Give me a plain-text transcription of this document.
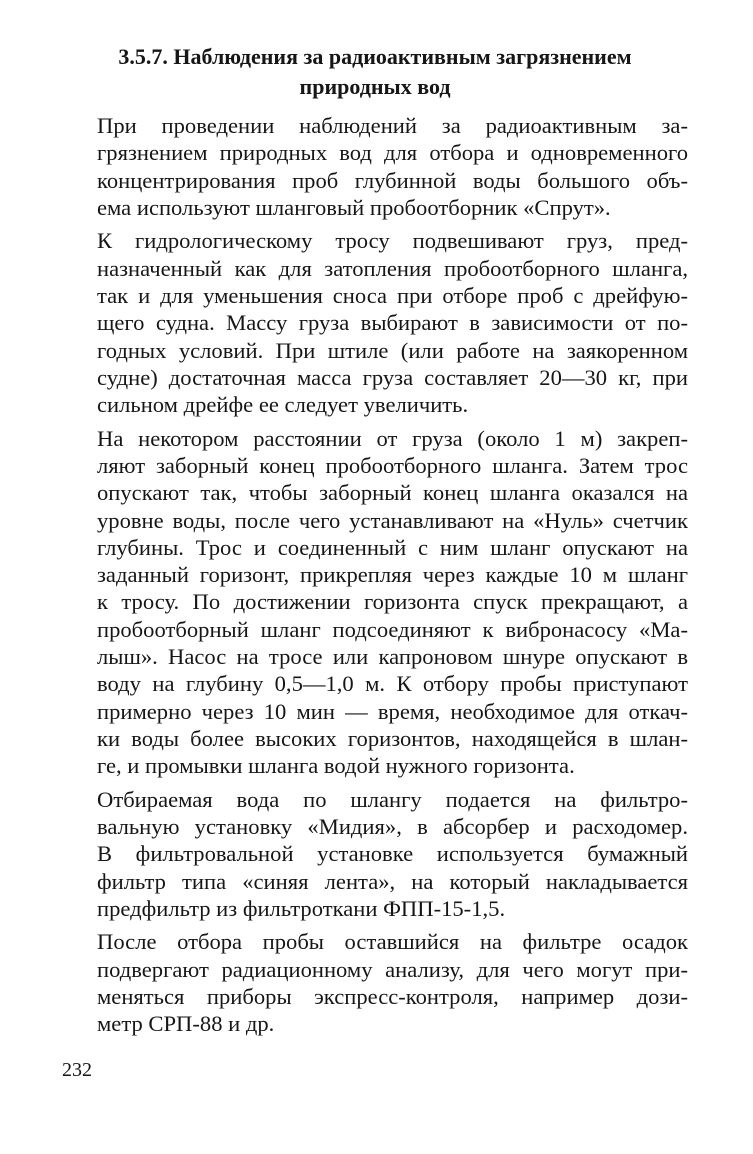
3.5.7. Наблюдения за радиоактивным загрязнением
природных вод

При проведении наблюдений за радиоактивным за-
грязнением природных вод для отбора и одновременного
концентрирования проб глубинной воды большого объ-
ема используют шланговый пробоотборник «Спрут».

К гидрологическому тросу подвешивают груз, пред-
назначенный как для затопления пробоотборного шланга,
так и для уменьшения сноса при отборе проб с дрейфую-
щего судна. Массу груза выбирают в зависимости от по-
годных условий. При штиле (или работе на заякоренном
судне) достаточная масса груза составляет 20—30 кг, при
сильном дрейфе ее следует увеличить.

На некотором расстоянии от груза (около 1 м) закреп-
ляют заборный конец пробоотборного шланга. Затем трос
опускают так, чтобы заборный конец шланга оказался на
уровне воды, после чего устанавливают на «Нуль» счетчик
глубины. Трос и соединенный с ним шланг опускают на
заданный горизонт, прикрепляя через каждые 10 м шланг
к тросу. По достижении горизонта спуск прекращают, а
пробоотборный шланг подсоединяют к вибронасосу «Ма-
лыш». Насос на тросе или капроновом шнуре опускают в
воду на глубину 0,5—1,0 м. К отбору пробы приступают
примерно через 10 мин — время, необходимое для откач-
ки воды более высоких горизонтов, находящейся в шлан-
ге, и промывки шланга водой нужного горизонта.

Отбираемая вода по шлангу подается на фильтро-
вальную установку «Мидия», в абсорбер и расходомер.
В фильтровальной установке используется бумажный
фильтр типа «синяя лента», на который накладывается
предфильтр из фильтроткани ФПП-15-1,5.

После отбора пробы оставшийся на фильтре осадок
подвергают радиационному анализу, для чего могут при-
меняться приборы экспресс-контроля, например дози-
метр СРП-88 и др.

232
